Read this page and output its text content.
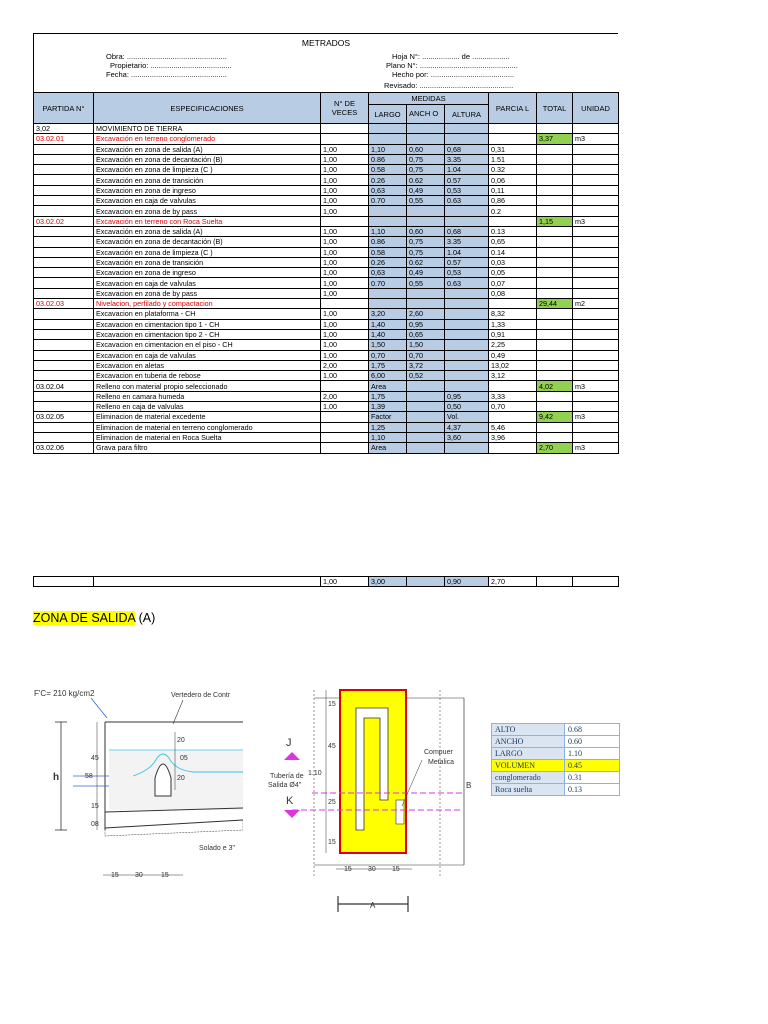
METRADOS
Obra: ................................................
Propietario: .......................................
Fecha: ..............................................
Hoja N°: .................. de ..................
Plano N°: ...............................................
Hecho por: ........................................
Revisado: .............................................
PARTIDA N°	ESPECIFICACIONES	N° DE VECES	MEDIDAS			PARCIA L	TOTAL	UNIDAD
			LARGO	ANCH O	ALTURA			
3,02	MOVIMIENTO DE TIERRA							
03.02.01	Excavación en terreno conglomerado						3,37	m3
	Excavación en zona de salida (A)	1,00	1,10	0,60	0,68	0,31		
	Excavación en zona de decantación (B)	1,00	0.86	0,75	3.35	1.51		
	Excavación en zona de limpieza (C )	1,00	0.58	0,75	1.04	0.32		
	Excavación en zona de transición	1,00	0.26	0.62	0.57	0,06		
	Excavacion en zona de ingreso	1,00	0,63	0,49	0,53	0,11		
	Excavacion en caja de valvulas	1,00	0.70	0,55	0.63	0,86		
	Excavacion en zona de by pass	1,00				0.2		
03.02.02	Excavación en terreno con Roca Suelta						1,15	m3
	Excavación en zona de salida (A)	1,00	1,10	0,60	0,68	0.13		
	Excavación en zona de decantación (B)	1,00	0.86	0,75	3.35	0,65		
	Excavación en zona de limpieza (C )	1,00	0.58	0,75	1.04	0.14		
	Excavación en zona de transición	1,00	0.26	0.62	0.57	0,03		
	Excavacion en zona de ingreso	1,00	0,63	0,49	0,53	0,05		
	Excavacion en caja de valvulas	1,00	0.70	0,55	0.63	0,07		
	Excavacion en zona de by pass	1,00				0,08		
03.02.03	Nivelacion, perfilado y compactacion						29,44	m2
	Excavacion en plataforma - CH	1,00	3,20	2,60		8,32		
	Excavacion en cimentacion tipo 1 - CH	1,00	1,40	0,95		1,33		
	Excavacion en cimentacion tipo 2 - CH	1,00	1,40	0,65		0,91		
	Excavacion en cimentacion en el piso - CH	1,00	1,50	1,50		2,25		
	Excavacion en caja de valvulas	1,00	0,70	0,70		0,49		
	Excavacion en aletas	2,00	1,75	3,72		13,02		
	Excavacion en tuberia de rebose	1,00	6,00	0,52		3,12		
03.02.04	Relleno con material propio seleccionado		Area				4,02	m3
	Relleno en camara humeda	2,00	1,75		0,95	3,33		
	Relleno en caja de valvulas	1,00	1,39		0,50	0,70		
03.02.05	Eliminacion de material excedente		Factor		Vol.		9,42	m3
	Eliminacion de material en terreno conglomerado		1,25		4,37	5,46		
	Eliminacion de material en Roca Suelta		1,10		3,60	3,96		
03.02.06	Grava para filtro		Area				2,70	m3
		1,00	3,00		0,90	2,70		
ZONA DE SALIDA (A)
F'C= 210 kg/cm2	Vertedero de Contr
h
45
58
15
08
20
05
20
Solado e 3"
15 30	15
J
K
Tubería de
Salida Ø4"
1.10
Compuer
Metalica
B
15
45
25
15
15 30 15
A
ALTO	0.68
ANCHO	0.60
LARGO	1.10
VOLUMEN	0.45
conglomerado	0.31
Roca suelta	0.13
